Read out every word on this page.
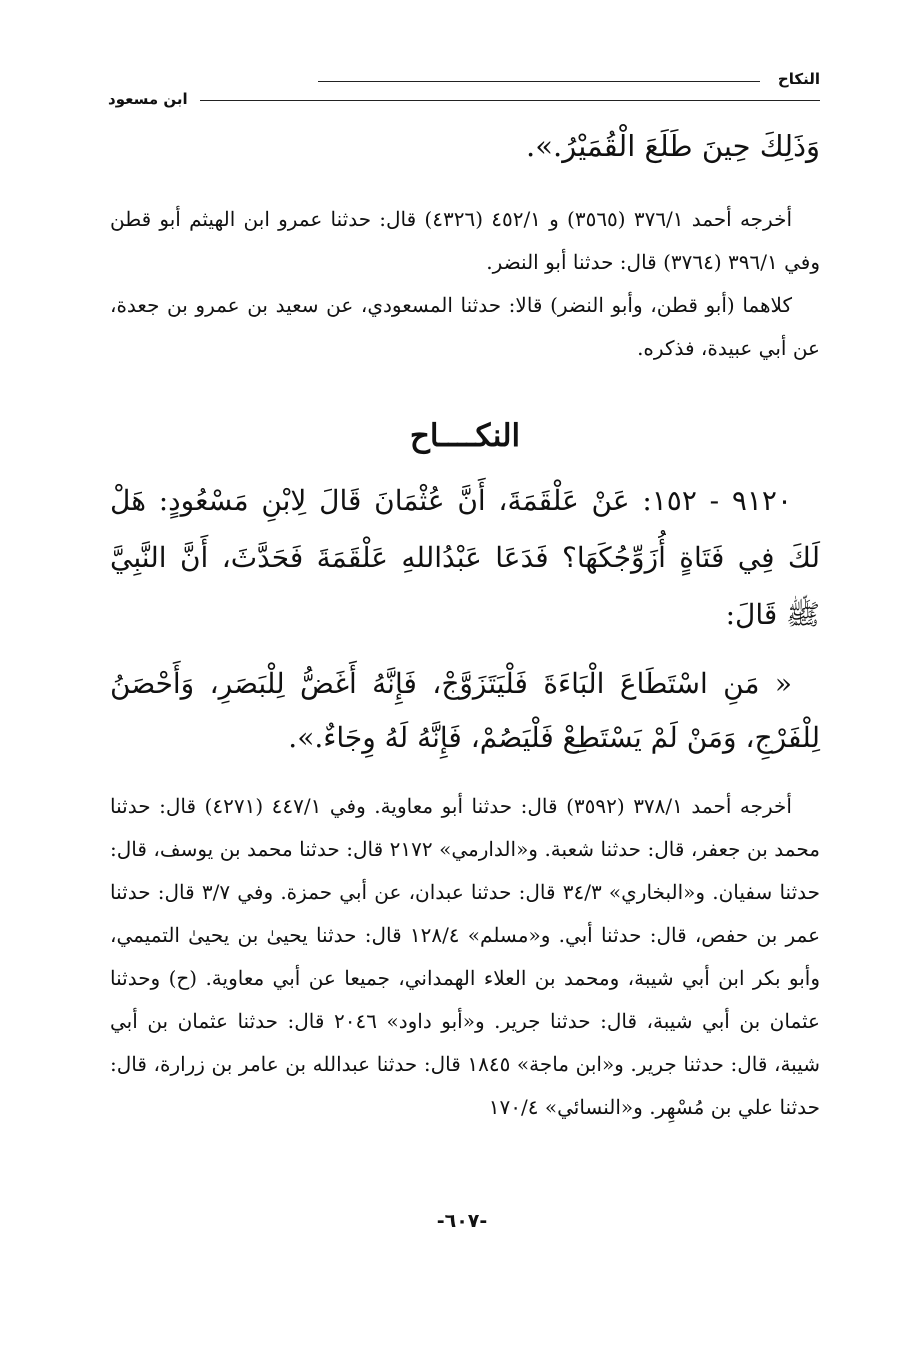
النكاح
ابن مسعود

وَذَلِكَ حِينَ طَلَعَ الْقُمَيْرُ.».

أخرجه أحمد ٣٧٦/١ (٣٥٦٥) و ٤٥٢/١ (٤٣٢٦) قال: حدثنا عمرو ابن الهيثم أبو قطن وفي ٣٩٦/١ (٣٧٦٤) قال: حدثنا أبو النضر.

كلاهما (أبو قطن، وأبو النضر) قالا: حدثنا المسعودي، عن سعيد بن عمرو بن جعدة، عن أبي عبيدة، فذكره.

النكــــاح

٩١٢٠ - ١٥٢: عَنْ عَلْقَمَةَ، أَنَّ عُثْمَانَ قَالَ لِابْنِ مَسْعُودٍ: هَلْ لَكَ فِي فَتَاةٍ أُزَوِّجُكَهَا؟ فَدَعَا عَبْدُاللهِ عَلْقَمَةَ فَحَدَّثَ، أَنَّ النَّبِيَّ ﷺ قَالَ:

« مَنِ اسْتَطَاعَ الْبَاءَةَ فَلْيَتَزَوَّجْ، فَإِنَّهُ أَغَضُّ لِلْبَصَرِ، وَأَحْصَنُ لِلْفَرْجِ، وَمَنْ لَمْ يَسْتَطِعْ فَلْيَصُمْ، فَإِنَّهُ لَهُ وِجَاءٌ.».

أخرجه أحمد ٣٧٨/١ (٣٥٩٢) قال: حدثنا أبو معاوية. وفي ٤٤٧/١ (٤٢٧١) قال: حدثنا محمد بن جعفر، قال: حدثنا شعبة. و«الدارمي» ٢١٧٢ قال: حدثنا محمد بن يوسف، قال: حدثنا سفيان. و«البخاري» ٣٤/٣ قال: حدثنا عبدان، عن أبي حمزة. وفي ٣/٧ قال: حدثنا عمر بن حفص، قال: حدثنا أبي. و«مسلم» ١٢٨/٤ قال: حدثنا يحيىٰ بن يحيىٰ التميمي، وأبو بكر ابن أبي شيبة، ومحمد بن العلاء الهمداني، جميعا عن أبي معاوية. (ح) وحدثنا عثمان بن أبي شيبة، قال: حدثنا جرير. و«أبو داود» ٢٠٤٦ قال: حدثنا عثمان بن أبي شيبة، قال: حدثنا جرير. و«ابن ماجة» ١٨٤٥ قال: حدثنا عبدالله بن عامر بن زرارة، قال: حدثنا علي بن مُسْهِر. و«النسائي» ١٧٠/٤

-٦٠٧-
